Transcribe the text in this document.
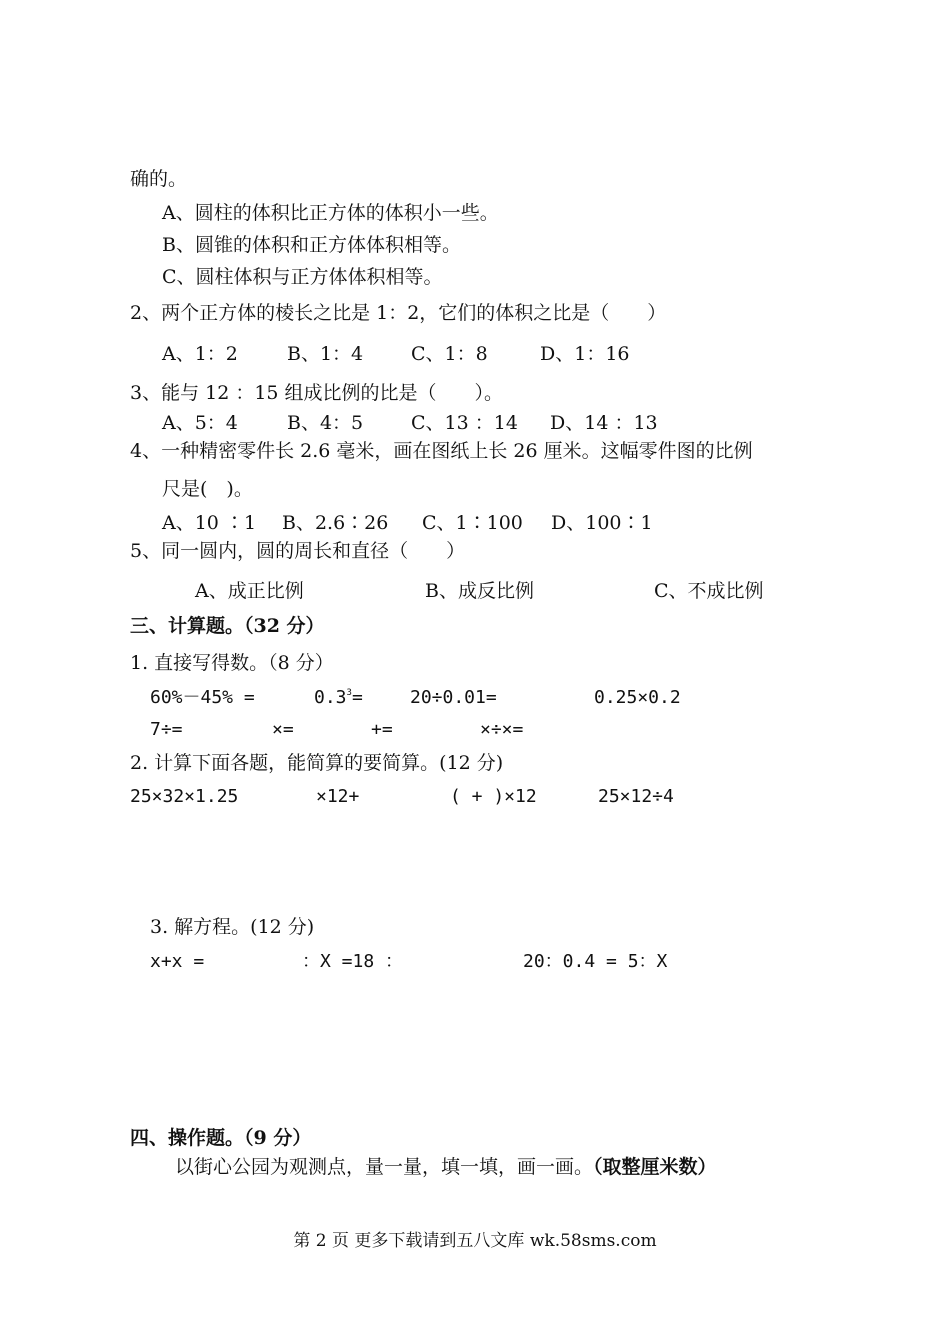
确的。
A、圆柱的体积比正方体的体积小一些。
B、圆锥的体积和正方体体积相等。
C、圆柱体积与正方体体积相等。
2、两个正方体的棱长之比是 1：2，它们的体积之比是（　　）
A、1：2	B、1：4	C、1：8	D、1：16
3、能与 12 ：15 组成比例的比是（　　）。
A、5：4	B、4：5	C、13 ：14 D、14 ：13
4、一种精密零件长 2.6 毫米，画在图纸上长 26 厘米。这幅零件图的比例
尺是(　)。
A、10 ∶1 B、2.6∶26 C、1∶100 D、100∶1
5、同一圆内，圆的周长和直径（　　）
A、成正比例	B、成反比例	C、不成比例
三、计算题。（32 分）
1. 直接写得数。（8 分）
60%－45% =	$0.3^3=$	20÷0.01=	0.25×0.2
7÷=	×=	+=	×÷×=
2. 计算下面各题，能简算的要简算。(12 分)
25×32×1.25	×12+	( + )×12	25×12÷4
3. 解方程。(12 分)
x+x =	：X =18 ：	20：0.4 = 5：X
四、操作题。（9 分）
以街心公园为观测点，量一量，填一填，画一画。（取整厘米数）
第 2 页 更多下载请到五八文库 wk.58sms.com
